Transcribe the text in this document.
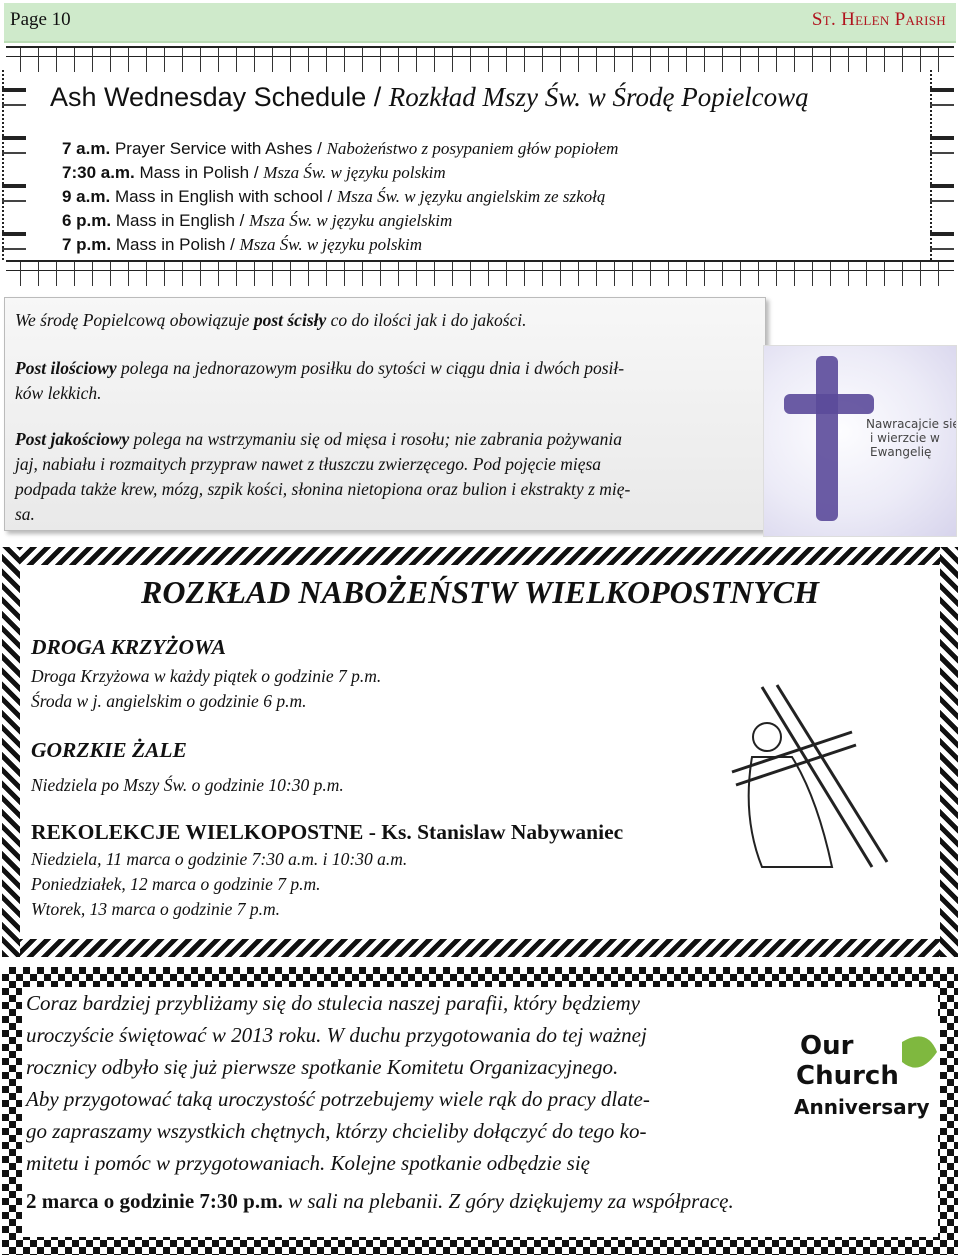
Page 10	St. Helen Parish
Ash Wednesday Schedule / Rozkład Mszy Św. w Środę Popielcową
7 a.m. Prayer Service with Ashes / Nabożeństwo z posypaniem głów popiołem
7:30 a.m. Mass in Polish / Msza Św. w języku polskim
9 a.m. Mass in English with school / Msza Św. w języku angielskim ze szkołą
6 p.m. Mass in English / Msza Św. w języku angielskim
7 p.m. Mass in Polish / Msza Św. w języku polskim
We środę Popielcową obowiązuje post ścisły co do ilości jak i do jakości.
Post ilościowy polega na jednorazowym posiłku do sytości w ciągu dnia i dwóch posił-
ków lekkich.
Post jakościowy polega na wstrzymaniu się od mięsa i rosołu; nie zabrania pożywania
jaj, nabiału i rozmaitych przypraw nawet z tłuszczu zwierzęcego. Pod pojęcie mięsa
podpada także krew, mózg, szpik kości, słonina nietopiona oraz bulion i ekstrakty z mię-
sa.
Nawracajcie się
i wierzcie w
Ewangelię
ROZKŁAD NABOŻEŃSTW WIELKOPOSTNYCH
DROGA KRZYŻOWA
Droga Krzyżowa w każdy piątek o godzinie 7 p.m.
Środa w j. angielskim o godzinie 6 p.m.
GORZKIE ŻALE
Niedziela po Mszy Św. o godzinie 10:30 p.m.
REKOLEKCJE WIELKOPOSTNE - Ks. Stanislaw Nabywaniec
Niedziela, 11 marca o godzinie 7:30 a.m. i 10:30 a.m.
Poniedziałek, 12 marca o godzinie 7 p.m.
Wtorek, 13 marca o godzinie 7 p.m.
Coraz bardziej przybliżamy się do stulecia naszej parafii, który będziemy
uroczyście świętować w 2013 roku. W duchu przygotowania do tej ważnej
rocznicy odbyło się już pierwsze spotkanie Komitetu Organizacyjnego.
Aby przygotować taką uroczystość potrzebujemy wiele rąk do pracy dlate-
go zapraszamy wszystkich chętnych, którzy chcieliby dołączyć do tego ko-
mitetu i pomóc w przygotowaniach. Kolejne spotkanie odbędzie się
2 marca o godzinie 7:30 p.m. w sali na plebanii. Z góry dziękujemy za współpracę.
Our
Church
Anniversary
